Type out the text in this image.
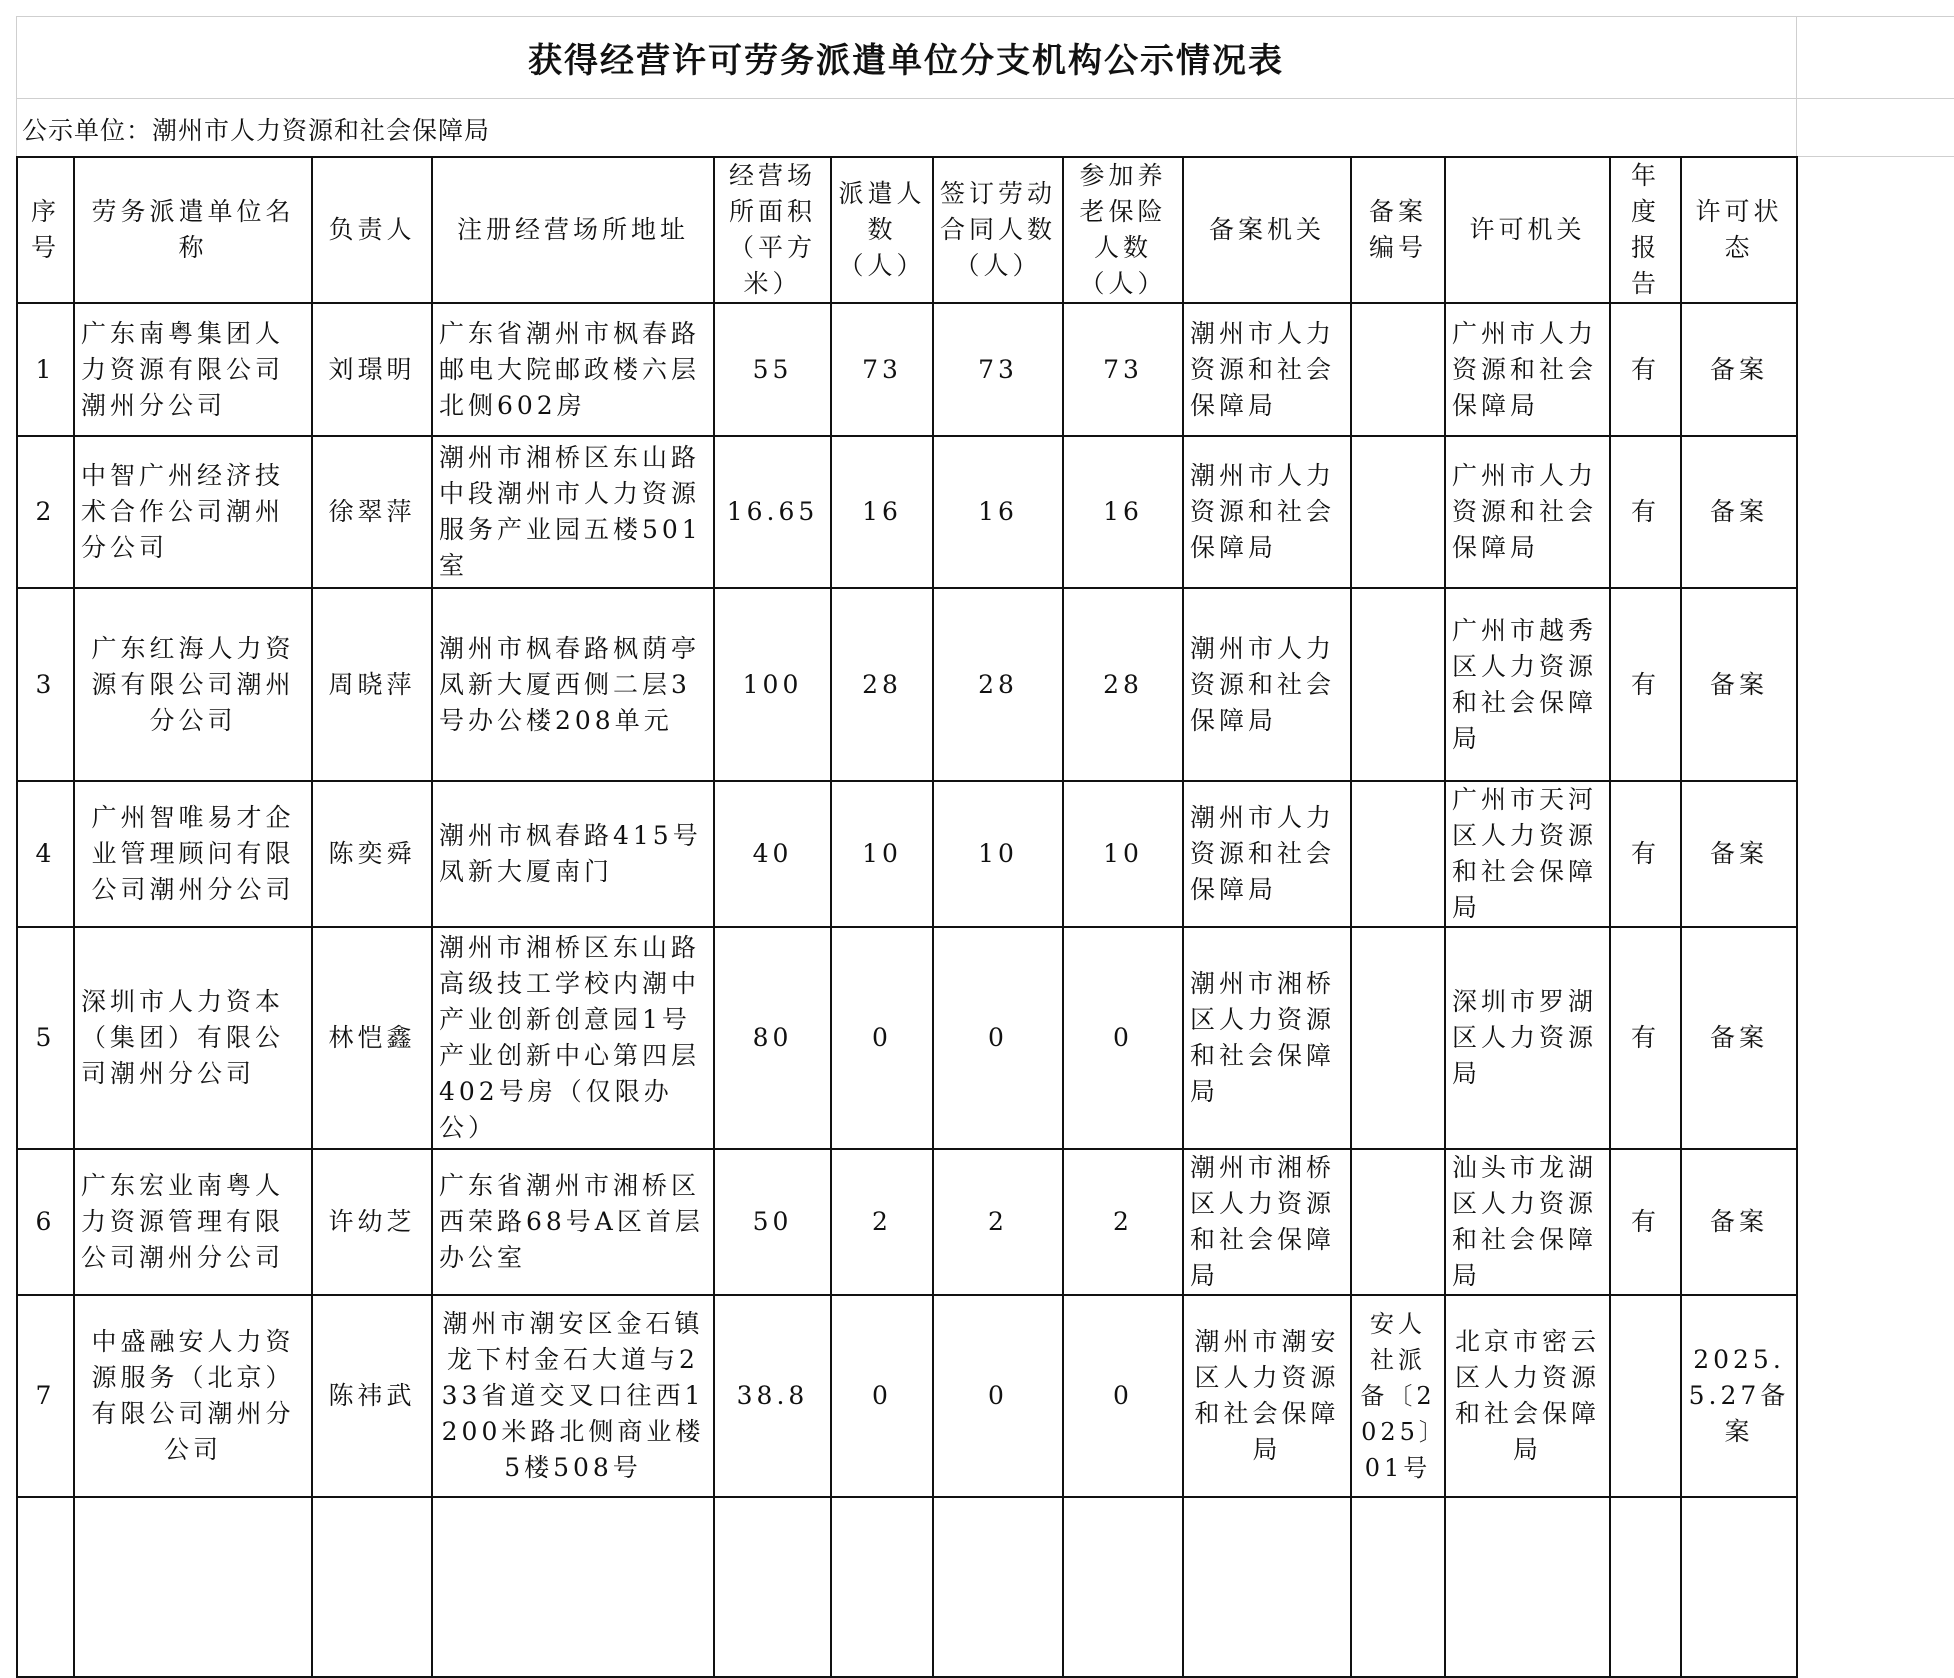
获得经营许可劳务派遣单位分支机构公示情况表
公示单位：潮州市人力资源和社会保障局
序号	劳务派遣单位名称	负责人	注册经营场所地址	经营场所面积（平方米）	派遣人数（人）	签订劳动合同人数（人）	参加养老保险人数（人）	备案机关	备案编号	许可机关	年度报告	许可状态
1	广东南粤集团人力资源有限公司潮州分公司	刘璟明	广东省潮州市枫春路邮电大院邮政楼六层北侧602房	55	73	73	73	潮州市人力资源和社会保障局		广州市人力资源和社会保障局	有	备案
2	中智广州经济技术合作公司潮州分公司	徐翠萍	潮州市湘桥区东山路中段潮州市人力资源服务产业园五楼501室	16.65	16	16	16	潮州市人力资源和社会保障局		广州市人力资源和社会保障局	有	备案
3	广东红海人力资源有限公司潮州分公司	周晓萍	潮州市枫春路枫荫亭凤新大厦西侧二层3号办公楼208单元	100	28	28	28	潮州市人力资源和社会保障局		广州市越秀区人力资源和社会保障局	有	备案
4	广州智唯易才企业管理顾问有限公司潮州分公司	陈奕舜	潮州市枫春路415号凤新大厦南门	40	10	10	10	潮州市人力资源和社会保障局		广州市天河区人力资源和社会保障局	有	备案
5	深圳市人力资本（集团）有限公司潮州分公司	林恺鑫	潮州市湘桥区东山路高级技工学校内潮中产业创新创意园1号产业创新中心第四层402号房（仅限办公）	80	0	0	0	潮州市湘桥区人力资源和社会保障局		深圳市罗湖区人力资源局	有	备案
6	广东宏业南粤人力资源管理有限公司潮州分公司	许幼芝	广东省潮州市湘桥区西荣路68号A区首层办公室	50	2	2	2	潮州市湘桥区人力资源和社会保障局		汕头市龙湖区人力资源和社会保障局	有	备案
7	中盛融安人力资源服务（北京）有限公司潮州分公司	陈祎武	潮州市潮安区金石镇龙下村金石大道与233省道交叉口往西1200米路北侧商业楼5楼508号	38.8	0	0	0	潮州市潮安区人力资源和社会保障局	安人社派备〔2025〕01号	北京市密云区人力资源和社会保障局		2025.5.27备案
